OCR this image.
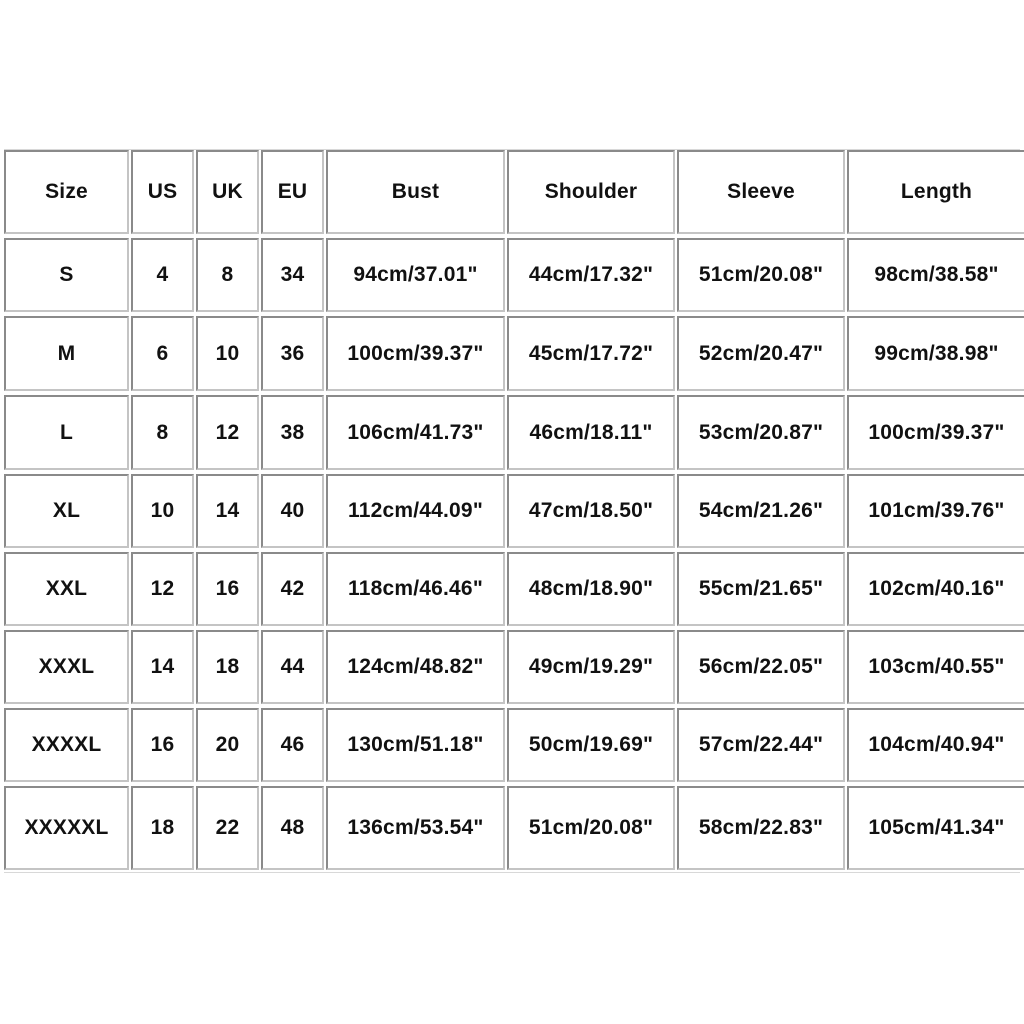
Size	US	UK	EU	Bust	Shoulder	Sleeve	Length
S	4	8	34	94cm/37.01"	44cm/17.32"	51cm/20.08"	98cm/38.58"
M	6	10	36	100cm/39.37"	45cm/17.72"	52cm/20.47"	99cm/38.98"
L	8	12	38	106cm/41.73"	46cm/18.11"	53cm/20.87"	100cm/39.37"
XL	10	14	40	112cm/44.09"	47cm/18.50"	54cm/21.26"	101cm/39.76"
XXL	12	16	42	118cm/46.46"	48cm/18.90"	55cm/21.65"	102cm/40.16"
XXXL	14	18	44	124cm/48.82"	49cm/19.29"	56cm/22.05"	103cm/40.55"
XXXXL	16	20	46	130cm/51.18"	50cm/19.69"	57cm/22.44"	104cm/40.94"
XXXXXL	18	22	48	136cm/53.54"	51cm/20.08"	58cm/22.83"	105cm/41.34"
